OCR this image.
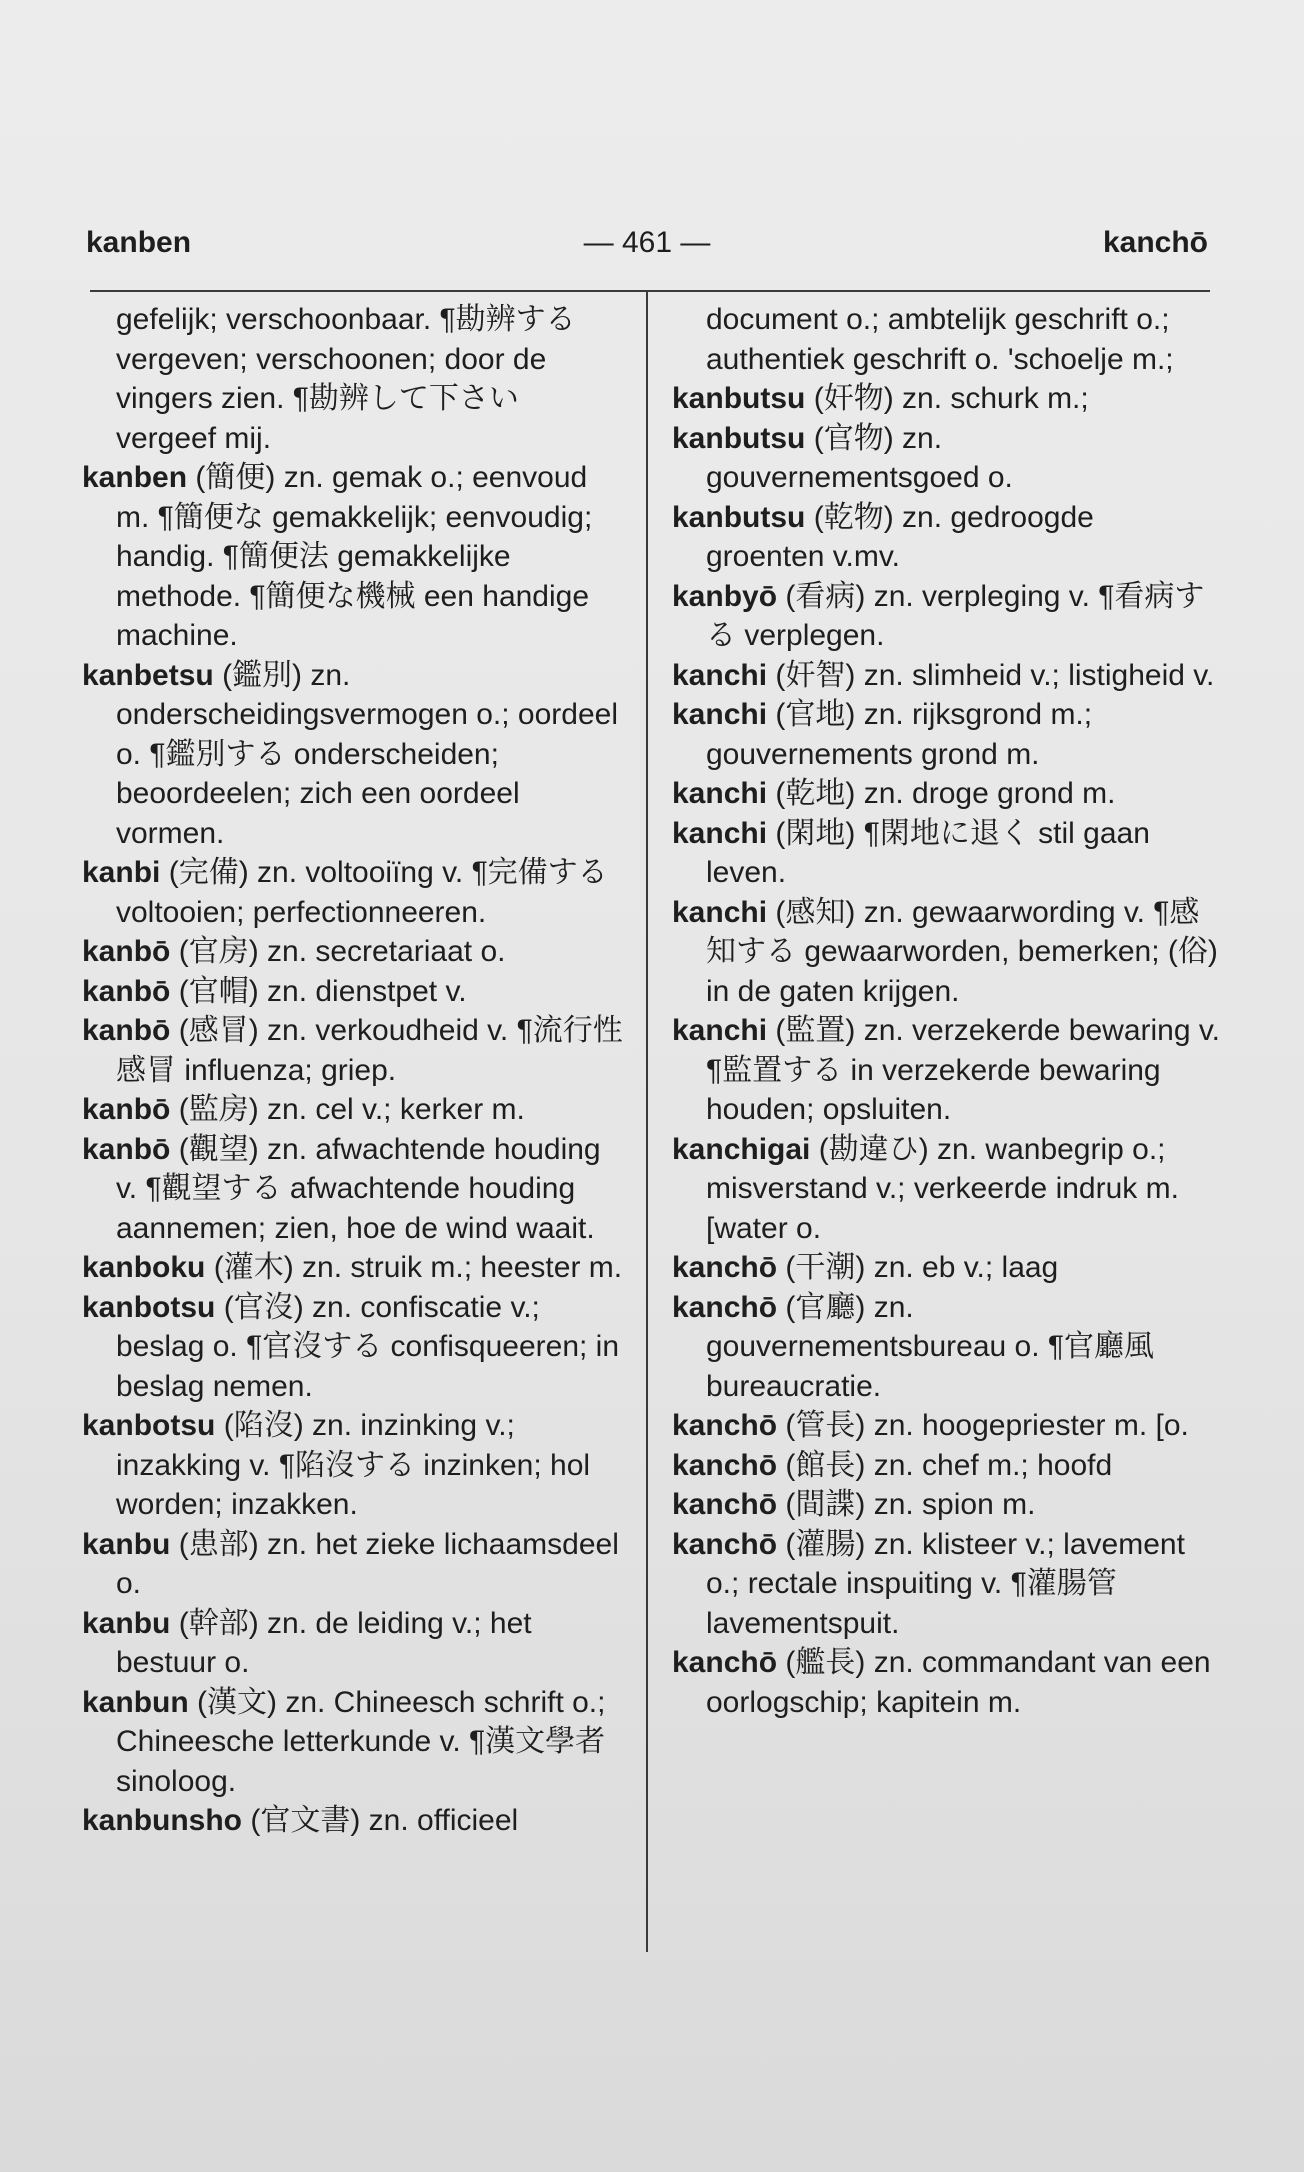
kanben	— 461 —	kanchō

gefelijk; verschoonbaar. ¶勘辨する vergeven; verschoonen; door de vingers zien. ¶勘辨して下さい vergeef mij.

kanben (簡便) zn. gemak o.; eenvoud m. ¶簡便な gemakkelijk; eenvoudig; handig. ¶簡便法 gemakkelijke methode. ¶簡便な機械 een handige machine.

kanbetsu (鑑別) zn. onderscheidingsvermogen o.; oordeel o. ¶鑑別する onderscheiden; beoordeelen; zich een oordeel vormen.

kanbi (完備) zn. voltooiïng v. ¶完備する voltooien; perfectionneeren.

kanbō (官房) zn. secretariaat o.

kanbō (官帽) zn. dienstpet v.

kanbō (感冒) zn. verkoudheid v. ¶流行性感冒 influenza; griep.

kanbō (監房) zn. cel v.; kerker m.

kanbō (觀望) zn. afwachtende houding v. ¶觀望する afwachtende houding aannemen; zien, hoe de wind waait.

kanboku (灌木) zn. struik m.; heester m.

kanbotsu (官沒) zn. confiscatie v.; beslag o. ¶官沒する confisqueeren; in beslag nemen.

kanbotsu (陷沒) zn. inzinking v.; inzakking v. ¶陷沒する inzinken; hol worden; inzakken.

kanbu (患部) zn. het zieke lichaamsdeel o.

kanbu (幹部) zn. de leiding v.; het bestuur o.

kanbun (漢文) zn. Chineesch schrift o.; Chineesche letterkunde v. ¶漢文學者 sinoloog.

kanbunsho (官文書) zn. officieel

document o.; ambtelijk geschrift o.; authentiek geschrift o. 'schoelje m.;

kanbutsu (奸物) zn. schurk m.;

kanbutsu (官物) zn. gouvernementsgoed o.

kanbutsu (乾物) zn. gedroogde groenten v.mv.

kanbyō (看病) zn. verpleging v. ¶看病する verplegen.

kanchi (奸智) zn. slimheid v.; listigheid v.

kanchi (官地) zn. rijksgrond m.; gouvernements grond m.

kanchi (乾地) zn. droge grond m.

kanchi (閑地) ¶閑地に退く stil gaan leven.

kanchi (感知) zn. gewaarwording v. ¶感知する gewaarworden, bemerken; (俗) in de gaten krijgen.

kanchi (監置) zn. verzekerde bewaring v. ¶監置する in verzekerde bewaring houden; opsluiten.

kanchigai (勘違ひ) zn. wanbegrip o.; misverstand v.; verkeerde indruk m. [water o.

kanchō (干潮) zn. eb v.; laag

kanchō (官廳) zn. gouvernementsbureau o. ¶官廳風 bureaucratie.

kanchō (管長) zn. hoogepriester m. [o.

kanchō (館長) zn. chef m.; hoofd

kanchō (間諜) zn. spion m.

kanchō (灌腸) zn. klisteer v.; lavement o.; rectale inspuiting v. ¶灌腸管 lavementspuit.

kanchō (艦長) zn. commandant van een oorlogschip; kapitein m.
